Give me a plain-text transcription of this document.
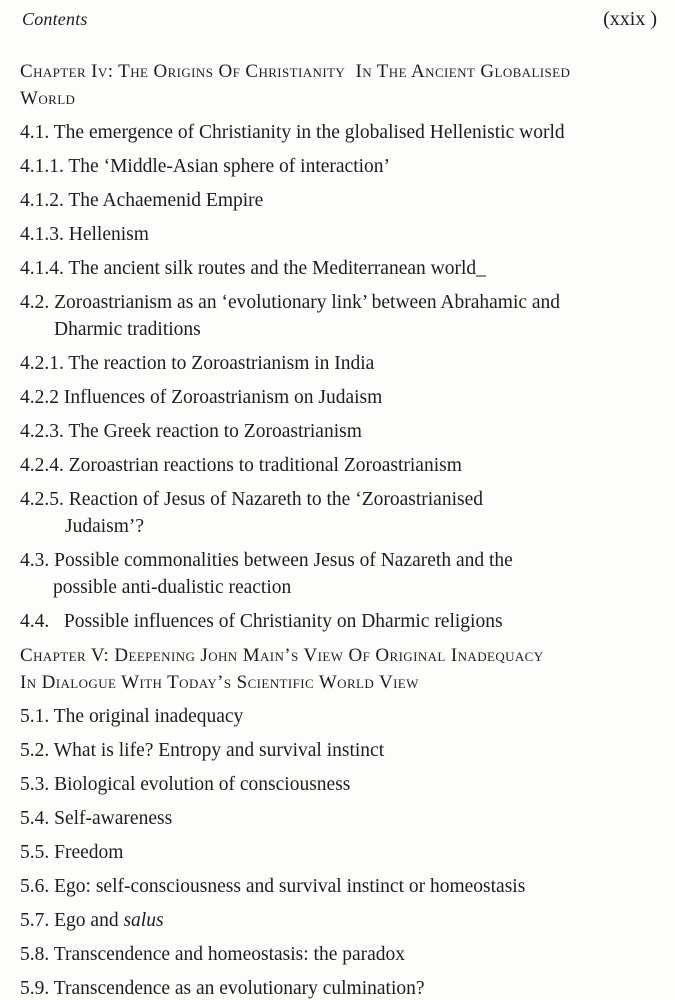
Contents	(xxix )
Chapter Iv: The Origins Of Christianity  In The Ancient Globalised
World
4.1. The emergence of Christianity in the globalised Hellenistic world
4.1.1. The ‘Middle-Asian sphere of interaction’
4.1.2. The Achaemenid Empire
4.1.3. Hellenism
4.1.4. The ancient silk routes and the Mediterranean world_
4.2. Zoroastrianism as an ‘evolutionary link’ between Abrahamic and
Dharmic traditions
4.2.1. The reaction to Zoroastrianism in India
4.2.2 Influences of Zoroastrianism on Judaism
4.2.3. The Greek reaction to Zoroastrianism
4.2.4. Zoroastrian reactions to traditional Zoroastrianism
4.2.5. Reaction of Jesus of Nazareth to the ‘Zoroastrianised
Judaism’?
4.3. Possible commonalities between Jesus of Nazareth and the
possible anti-dualistic reaction
4.4.   Possible influences of Christianity on Dharmic religions
Chapter V: Deepening John Main’s View Of Original Inadequacy
In Dialogue With Today’s Scientific World View
5.1. The original inadequacy
5.2. What is life? Entropy and survival instinct
5.3. Biological evolution of consciousness
5.4. Self-awareness
5.5. Freedom
5.6. Ego: self-consciousness and survival instinct or homeostasis
5.7. Ego and salus
5.8. Transcendence and homeostasis: the paradox
5.9. Transcendence as an evolutionary culmination?
